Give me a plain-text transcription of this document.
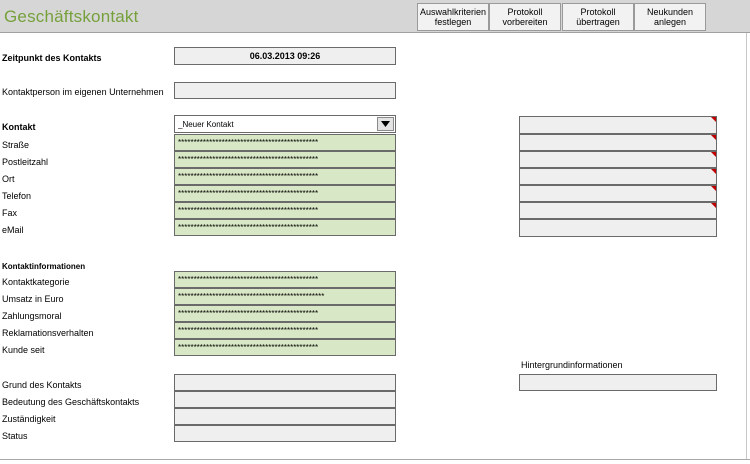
Geschäftskontakt	Auswahlkriterien
festlegen
Protokoll
vorbereiten
Protokoll
übertragen
Neukunden
anlegen
Zeitpunkt des Kontakts	06.03.2013 09:26
Kontaktperson im eigenen Unternehmen
Kontakt	_Neuer Kontakt
Straße	*********************************************
Postleitzahl	*********************************************
Ort	*********************************************
Telefon	*********************************************
Fax	*********************************************
eMail	*********************************************
Kontaktinformationen
Kontaktkategorie	*********************************************
Umsatz in Euro	***********************************************
Zahlungsmoral	*********************************************
Reklamationsverhalten	*********************************************
Kunde seit	*********************************************
Hintergrundinformationen
Grund des Kontakts
Bedeutung des Geschäftskontakts
Zuständigkeit
Status
